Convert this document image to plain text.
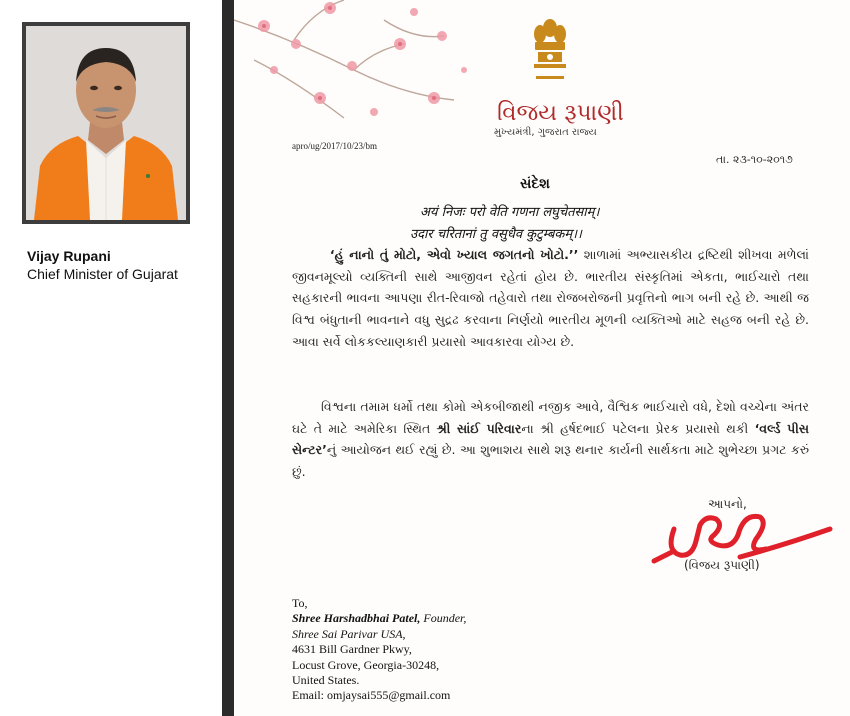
Vijay Rupani
Chief Minister of Gujarat
વિજય રૂપાણી
મુખ્યમંત્રી, ગુજરાત રાજ્ય
apro/ug/2017/10/23/bm
તા. ૨૩-૧૦-૨૦૧૭
સંદેશ
अयं निजः परो वेति गणना लघुचेतसाम्।
उदार चरितानां तु वसुधैव कुटुम्बकम्।।
‘હું નાનો તું મોટો, એવો ખ્યાલ જગતનો ખોટો.’’ શાળામાં અભ્યાસકીય દ્રષ્ટિથી શીખવા મળેલાં જીવનમૂલ્યો વ્યક્તિની સાથે આજીવન રહેતાં હોય છે. ભારતીય સંસ્કૃતિમાં એકતા, ભાઈચારો તથા સહકારની ભાવના આપણા રીત-રિવાજો તહેવારો તથા રોજબરોજની પ્રવૃત્તિનો ભાગ બની રહે છે. આથી જ વિશ્વ બંધુતાની ભાવનાને વધુ સુદ્રઢ કરવાના નિર્ણયો ભારતીય મૂળની વ્યક્તિઓ માટે સહજ બની રહે છે. આવા સર્વે લોકકલ્યાણકારી પ્રયાસો આવકારવા યોગ્ય છે.
વિશ્વના તમામ ધર્મો તથા કોમો એકબીજાથી નજીક આવે, વૈશ્વિક ભાઈચારો વધે, દેશો વચ્ચેના અંતર ઘટે તે માટે અમેરિકા સ્થિત શ્રી સાંઈ પરિવારના શ્રી હર્ષદભાઈ પટેલના પ્રેરક પ્રયાસો થકી ‘વર્લ્ડ પીસ સેન્ટર’નું આયોજન થઈ રહ્યું છે. આ શુભાશય સાથે શરૂ થનાર કાર્યની સાર્થકતા માટે શુભેચ્છા પ્રગટ કરું છું.
આપનો,
(વિજય રૂપાણી)
To,
Shree Harshadbhai Patel, Founder,
Shree Sai Parivar USA,
4631 Bill Gardner Pkwy,
Locust Grove, Georgia-30248,
United States.
Email: omjaysai555@gmail.com
